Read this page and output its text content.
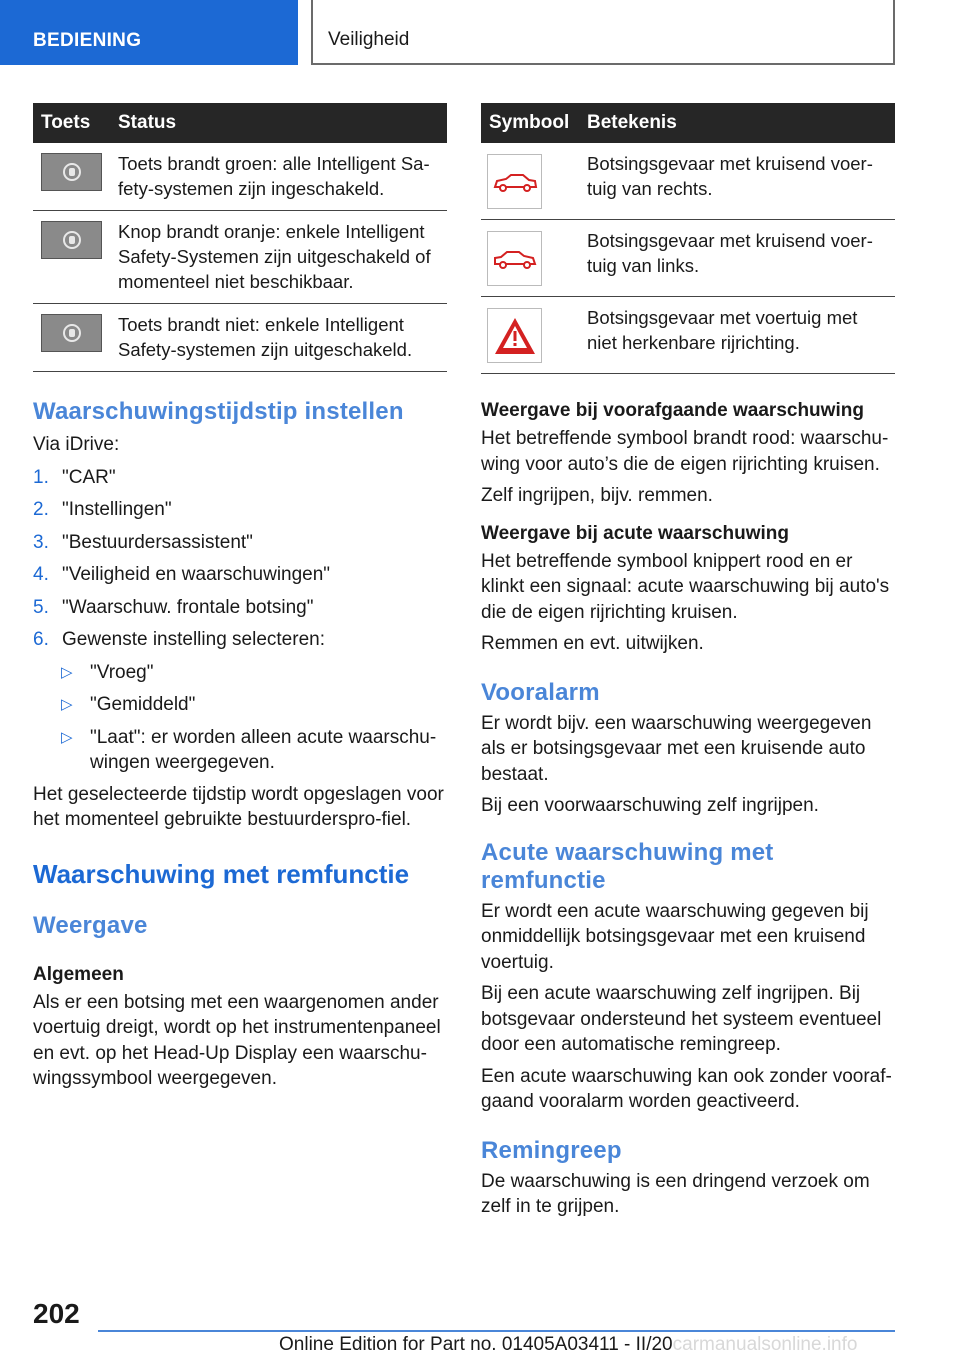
BEDIENING	Veiligheid
Toets	Status

	Toets brandt groen: alle Intelligent Sa-fety-systemen zijn ingeschakeld.

	Knop brandt oranje: enkele Intelligent Safety-Systemen zijn uitgeschakeld of momenteel niet beschikbaar.

	Toets brandt niet: enkele Intelligent Safety-systemen zijn uitgeschakeld.
Waarschuwingstijdstip instellen

Via iDrive:

1. "CAR"
2. "Instellingen"
3. "Bestuurdersassistent"
4. "Veiligheid en waarschuwingen"
5. "Waarschuw. frontale botsing"
6. Gewenste instelling selecteren:
▷ "Vroeg"
▷ "Gemiddeld"
▷ "Laat": er worden alleen acute waarschu-wingen weergegeven.

Het geselecteerde tijdstip wordt opgeslagen voor het momenteel gebruikte bestuurderspro-fiel.

Waarschuwing met remfunctie
Weergave
Algemeen

Als er een botsing met een waargenomen ander voertuig dreigt, wordt op het instrumentenpaneel en evt. op het Head-Up Display een waarschu-wingssymbool weergegeven.

Symbool	Betekenis

	Botsingsgevaar met kruisend voer-tuig van rechts.

	Botsingsgevaar met kruisend voer-tuig van links.

	Botsingsgevaar met voertuig met niet herkenbare rijrichting.
Weergave bij voorafgaande waarschuwing

Het betreffende symbool brandt rood: waarschu-wing voor auto’s die de eigen rijrichting kruisen.

Zelf ingrijpen, bijv. remmen.

Weergave bij acute waarschuwing

Het betreffende symbool knippert rood en er klinkt een signaal: acute waarschuwing bij auto's die de eigen rijrichting kruisen.

Remmen en evt. uitwijken.

Vooralarm

Er wordt bijv. een waarschuwing weergegeven als er botsingsgevaar met een kruisende auto bestaat.

Bij een voorwaarschuwing zelf ingrijpen.

Acute waarschuwing met remfunctie

Er wordt een acute waarschuwing gegeven bij onmiddellijk botsingsgevaar met een kruisend voertuig.

Bij een acute waarschuwing zelf ingrijpen. Bij botsgevaar ondersteund het systeem eventueel door een automatische remingreep.

Een acute waarschuwing kan ook zonder vooraf-gaand vooralarm worden geactiveerd.

Remingreep

De waarschuwing is een dringend verzoek om zelf in te grijpen.

202
Online Edition for Part no. 01405A03411 - II/20carmanualsonline.info
